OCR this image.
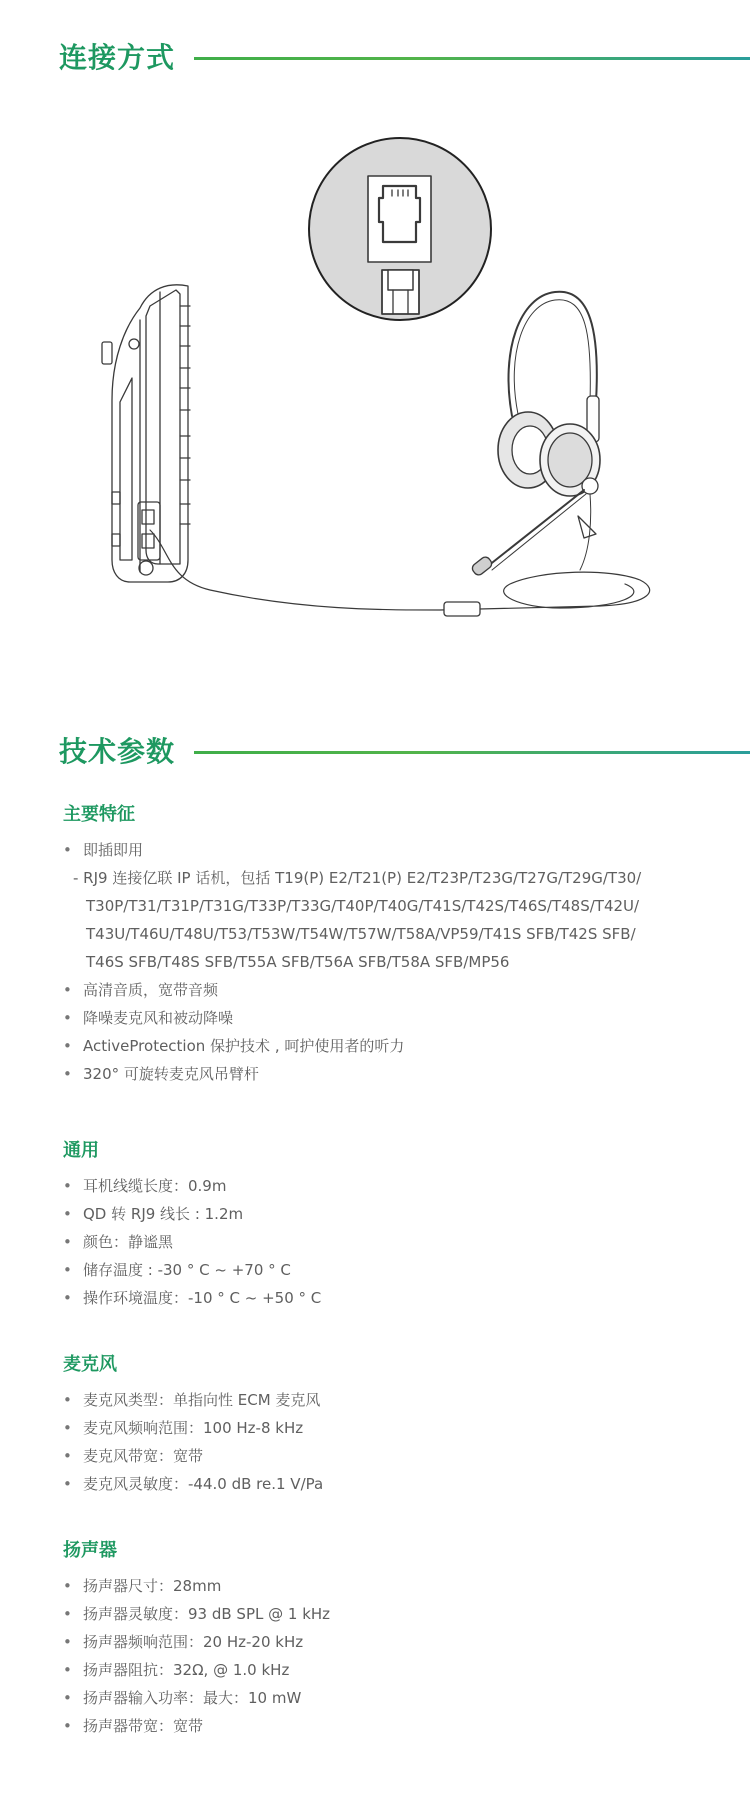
连接方式
技术参数
主要特征
• 即插即用
- RJ9 连接亿联 IP 话机，包括 T19(P) E2/T21(P) E2/T23P/T23G/T27G/T29G/T30/
T30P/T31/T31P/T31G/T33P/T33G/T40P/T40G/T41S/T42S/T46S/T48S/T42U/
T43U/T46U/T48U/T53/T53W/T54W/T57W/T58A/VP59/T41S SFB/T42S SFB/
T46S SFB/T48S SFB/T55A SFB/T56A SFB/T58A SFB/MP56
• 高清音质，宽带音频
• 降噪麦克风和被动降噪
• ActiveProtection 保护技术 , 呵护使用者的听力
• 320° 可旋转麦克风吊臂杆
通用
• 耳机线缆长度：0.9m
• QD 转 RJ9 线长 : 1.2m
• 颜色：静谧黑
• 储存温度 : -30 ° C ~ +70 ° C
• 操作环境温度：-10 ° C ~ +50 ° C
麦克风
• 麦克风类型：单指向性 ECM 麦克风
• 麦克风频响范围：100 Hz-8 kHz
• 麦克风带宽：宽带
• 麦克风灵敏度：-44.0 dB re.1 V/Pa
扬声器
• 扬声器尺寸：28mm
• 扬声器灵敏度：93 dB SPL @ 1 kHz
• 扬声器频响范围：20 Hz-20 kHz
• 扬声器阻抗：32Ω, @ 1.0 kHz
• 扬声器输入功率：最大：10 mW
• 扬声器带宽：宽带
